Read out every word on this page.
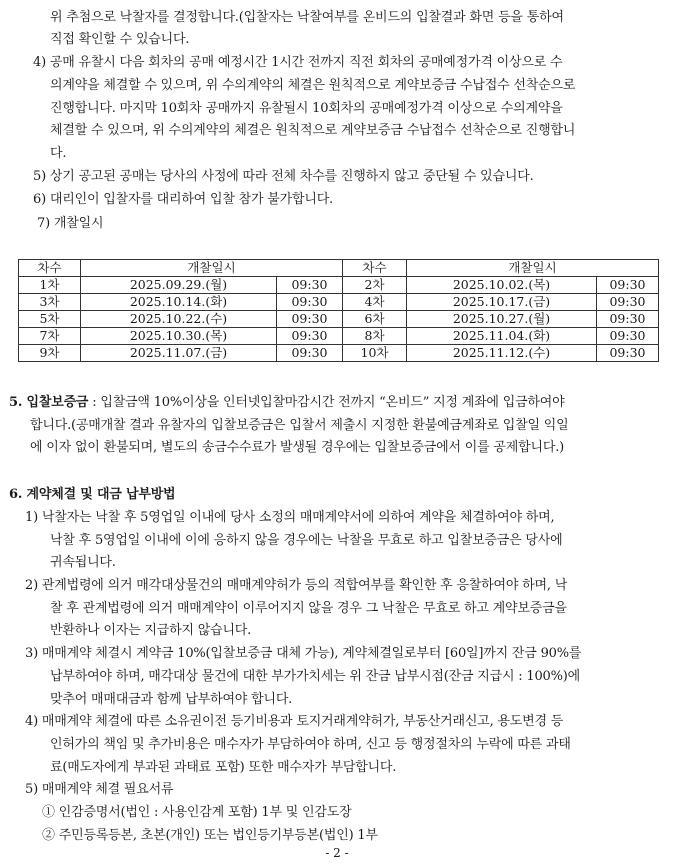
위 추첨으로 낙찰자를 결정합니다.(입찰자는 낙찰여부를 온비드의 입찰결과 화면 등을 통하여
직접 확인할 수 있습니다.
4) 공매 유찰시 다음 회차의 공매 예정시간 1시간 전까지 직전 회차의 공매예정가격 이상으로 수
의계약을 체결할 수 있으며, 위 수의계약의 체결은 원칙적으로 계약보증금 수납접수 선착순으로
진행합니다. 마지막 10회차 공매까지 유찰될시 10회차의 공매예정가격 이상으로 수의계약을
체결할 수 있으며, 위 수의계약의 체결은 원칙적으로 계약보증금 수납접수 선착순으로 진행합니
다.
5) 상기 공고된 공매는 당사의 사정에 따라 전체 차수를 진행하지 않고 중단될 수 있습니다.
6) 대리인이 입찰자를 대리하여 입찰 참가 불가합니다.
7) 개찰일시
차수	개찰일시		차수	개찰일시	
1차	2025.09.29.(월)	09:30	2차	2025.10.02.(목)	09:30
3차	2025.10.14.(화)	09:30	4차	2025.10.17.(금)	09:30
5차	2025.10.22.(수)	09:30	6차	2025.10.27.(월)	09:30
7차	2025.10.30.(목)	09:30	8차	2025.11.04.(화)	09:30
9차	2025.11.07.(금)	09:30	10차	2025.11.12.(수)	09:30
5. 입찰보증금 : 입찰금액 10%이상을 인터넷입찰마감시간 전까지 “온비드” 지정 계좌에 입금하여야
합니다.(공매개찰 결과 유찰자의 입찰보증금은 입찰서 제출시 지정한 환불예금계좌로 입찰일 익일
에 이자 없이 환불되며, 별도의 송금수수료가 발생될 경우에는 입찰보증금에서 이를 공제합니다.)
6. 계약체결 및 대금 납부방법
1) 낙찰자는 낙찰 후 5영업일 이내에 당사 소정의 매매계약서에 의하여 계약을 체결하여야 하며,
낙찰 후 5영업일 이내에 이에 응하지 않을 경우에는 낙찰을 무효로 하고 입찰보증금은 당사에
귀속됩니다.
2) 관계법령에 의거 매각대상물건의 매매계약허가 등의 적합여부를 확인한 후 응찰하여야 하며, 낙
찰 후 관계법령에 의거 매매계약이 이루어지지 않을 경우 그 낙찰은 무효로 하고 계약보증금을
반환하나 이자는 지급하지 않습니다.
3) 매매계약 체결시 계약금 10%(입찰보증금 대체 가능), 계약체결일로부터 [60일]까지 잔금 90%를
납부하여야 하며, 매각대상 물건에 대한 부가가치세는 위 잔금 납부시점(잔금 지급시 : 100%)에
맞추어 매매대금과 함께 납부하여야 합니다.
4) 매매계약 체결에 따른 소유권이전 등기비용과 토지거래계약허가, 부동산거래신고, 용도변경 등
인허가의 책임 및 추가비용은 매수자가 부담하여야 하며, 신고 등 행정절차의 누락에 따른 과태
료(매도자에게 부과된 과태료 포함) 또한 매수자가 부담합니다.
5) 매매계약 체결 필요서류
① 인감증명서(법인 : 사용인감계 포함) 1부 및 인감도장
② 주민등록등본, 초본(개인) 또는 법인등기부등본(법인) 1부
- 2 -
